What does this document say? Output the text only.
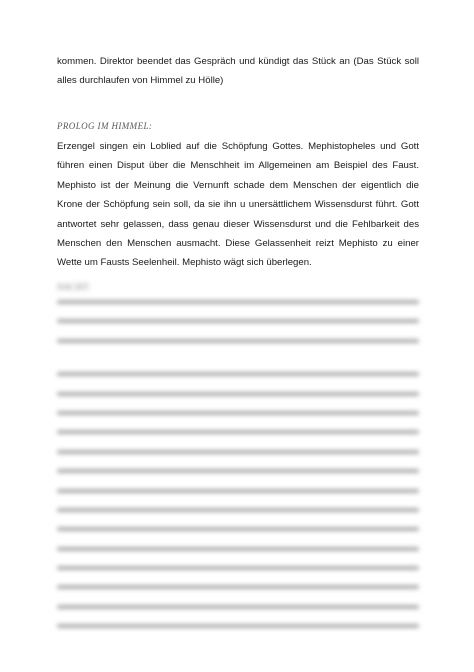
kommen. Direktor beendet das Gespräch und kündigt das Stück an (Das Stück soll alles durchlaufen von Himmel zu Hölle)

PROLOG IM HIMMEL:

Erzengel singen ein Loblied auf die Schöpfung Gottes. Mephistopheles und Gott führen einen Disput über die Menschheit im Allgemeinen am Beispiel des Faust. Mephisto ist der Meinung die Vernunft schade dem Menschen der eigentlich die Krone der Schöpfung sein soll, da sie ihn u unersättlichem Wissensdurst führt. Gott antwortet sehr gelassen, dass genau dieser Wissensdurst und die Fehlbarkeit des Menschen den Menschen ausmacht. Diese Gelassenheit reizt Mephisto zu einer Wette um Fausts Seelenheil. Mephisto wägt sich überlegen.

NACHT:
